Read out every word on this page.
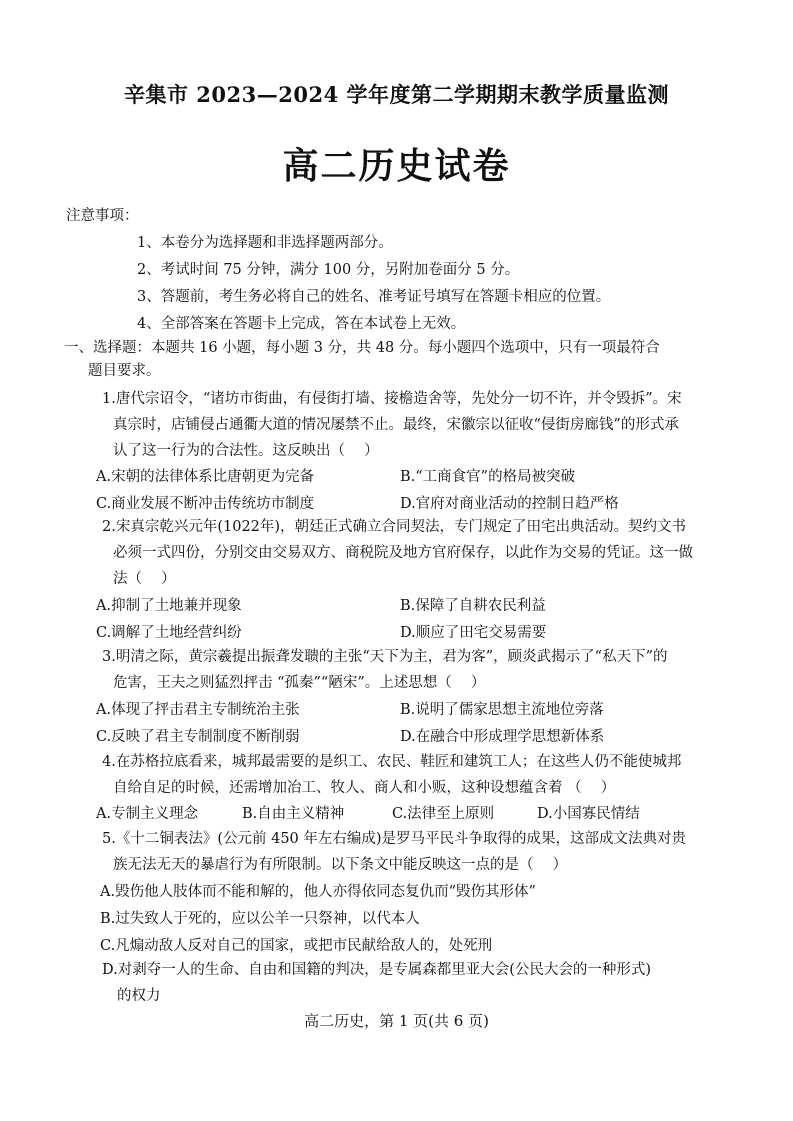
辛集市 2023—2024 学年度第二学期期末教学质量监测
高二历史试卷
注意事项：
1、本卷分为选择题和非选择题两部分。
2、考试时间 75 分钟，满分 100 分，另附加卷面分 5 分。
3、答题前，考生务必将自己的姓名、准考证号填写在答题卡相应的位置。
4、全部答案在答题卡上完成，答在本试卷上无效。
一、选择题：本题共 16 小题，每小题 3 分，共 48 分。每小题四个选项中，只有一项最符合
题目要求。
1.唐代宗诏令，“诸坊市街曲，有侵街打墙、接檐造舍等，先处分一切不许，并令毁拆”。宋
真宗时，店铺侵占通衢大道的情况屡禁不止。最终，宋徽宗以征收“侵街房廊钱”的形式承
认了这一行为的合法性。这反映出（　 ）
A.宋朝的法律体系比唐朝更为完备	B.“工商食官”的格局被突破
C.商业发展不断冲击传统坊市制度	D.官府对商业活动的控制日趋严格
2.宋真宗乾兴元年(1022年)，朝廷正式确立合同契法，专门规定了田宅出典活动。契约文书
必须一式四份，分别交由交易双方、商税院及地方官府保存，以此作为交易的凭证。这一做
法（　 ）
A.抑制了土地兼并现象	B.保障了自耕农民利益
C.调解了土地经营纠纷	D.顺应了田宅交易需要
3.明清之际，黄宗羲提出振聋发聩的主张“天下为主，君为客”，顾炎武揭示了“私天下”的
危害，王夫之则猛烈抨击 “孤秦”“陋宋”。上述思想（　 ）
A.体现了抨击君主专制统治主张	B.说明了儒家思想主流地位旁落
C.反映了君主专制制度不断削弱	D.在融合中形成理学思想新体系
4.在苏格拉底看来，城邦最需要的是织工、农民、鞋匠和建筑工人；在这些人仍不能使城邦
自给自足的时候，还需增加冶工、牧人、商人和小贩，这种设想蕴含着 （　 ）
A.专制主义理念	B.自由主义精神	C.法律至上原则	D.小国寡民情结
5.《十二铜表法》(公元前 450 年左右编成)是罗马平民斗争取得的成果，这部成文法典对贵
族无法无天的暴虐行为有所限制。以下条文中能反映这一点的是（　 ）
A.毁伤他人肢体而不能和解的，他人亦得依同态复仇而“毁伤其形体”
B.过失致人于死的，应以公羊一只祭神，以代本人
C.凡煽动敌人反对自己的国家，或把市民献给敌人的，处死刑
D.对剥夺一人的生命、自由和国籍的判决，是专属森都里亚大会(公民大会的一种形式)
的权力
高二历史，第 1 页(共 6 页)
